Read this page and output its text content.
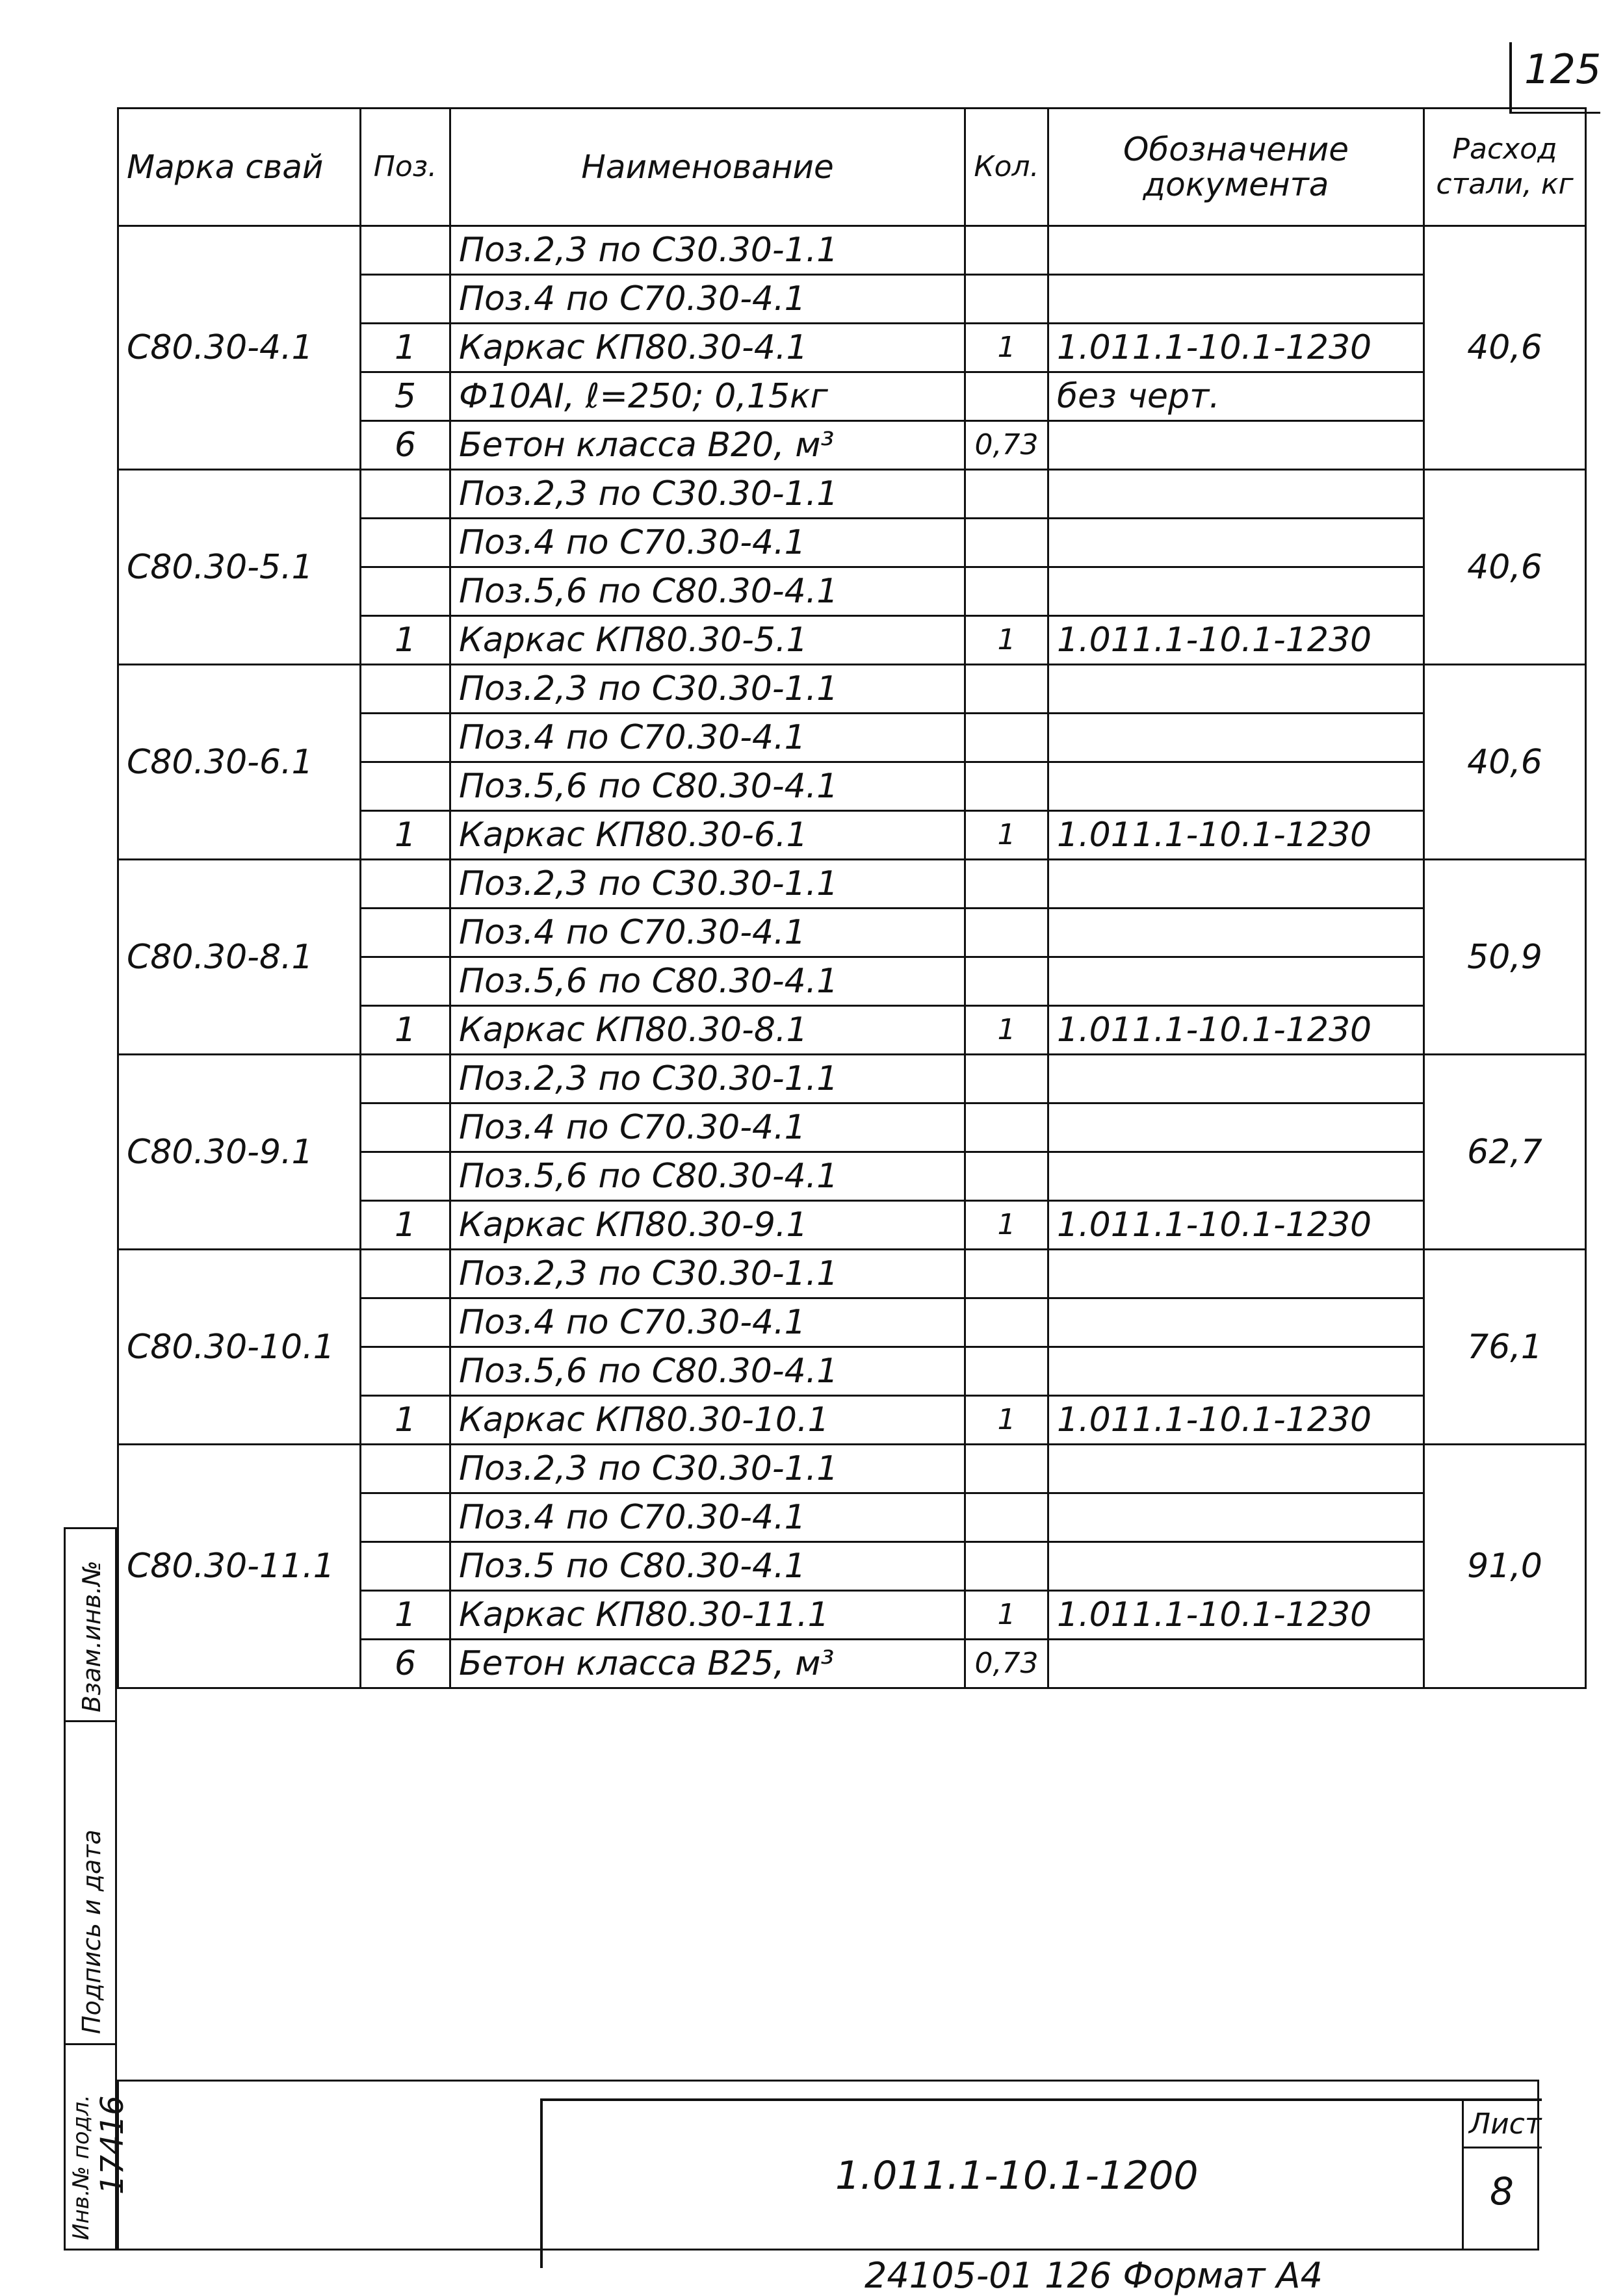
125
Марка свай	Поз.	Наименование	Кол.	Обозначение документа	Расход стали, кг
С80.30-4.1		Поз.2,3 по С30.30-1.1			40,6
		Поз.4 по С70.30-4.1			
	1	Каркас КП80.30-4.1	1	1.011.1-10.1-1230	
	5	Ф10АI, ℓ=250; 0,15кг		без черт.	
	6	Бетон класса В20, м³	0,73		
С80.30-5.1		Поз.2,3 по С30.30-1.1			40,6
		Поз.4 по С70.30-4.1			
		Поз.5,6 по С80.30-4.1			
	1	Каркас КП80.30-5.1	1	1.011.1-10.1-1230	
С80.30-6.1		Поз.2,3 по С30.30-1.1			40,6
		Поз.4 по С70.30-4.1			
		Поз.5,6 по С80.30-4.1			
	1	Каркас КП80.30-6.1	1	1.011.1-10.1-1230	
С80.30-8.1		Поз.2,3 по С30.30-1.1			50,9
		Поз.4 по С70.30-4.1			
		Поз.5,6 по С80.30-4.1			
	1	Каркас КП80.30-8.1	1	1.011.1-10.1-1230	
С80.30-9.1		Поз.2,3 по С30.30-1.1			62,7
		Поз.4 по С70.30-4.1			
		Поз.5,6 по С80.30-4.1			
	1	Каркас КП80.30-9.1	1	1.011.1-10.1-1230	
С80.30-10.1		Поз.2,3 по С30.30-1.1			76,1
		Поз.4 по С70.30-4.1			
		Поз.5,6 по С80.30-4.1			
	1	Каркас КП80.30-10.1	1	1.011.1-10.1-1230	
С80.30-11.1		Поз.2,3 по С30.30-1.1			91,0
		Поз.4 по С70.30-4.1			
		Поз.5 по С80.30-4.1			
	1	Каркас КП80.30-11.1	1	1.011.1-10.1-1230	
	6	Бетон класса В25, м³	0,73		
Взам.инв.№
Подпись и дата
Инв.№ подл. 17416	1.011.1-10.1-1200
Лист
8
24105-01 126 Формат А4
